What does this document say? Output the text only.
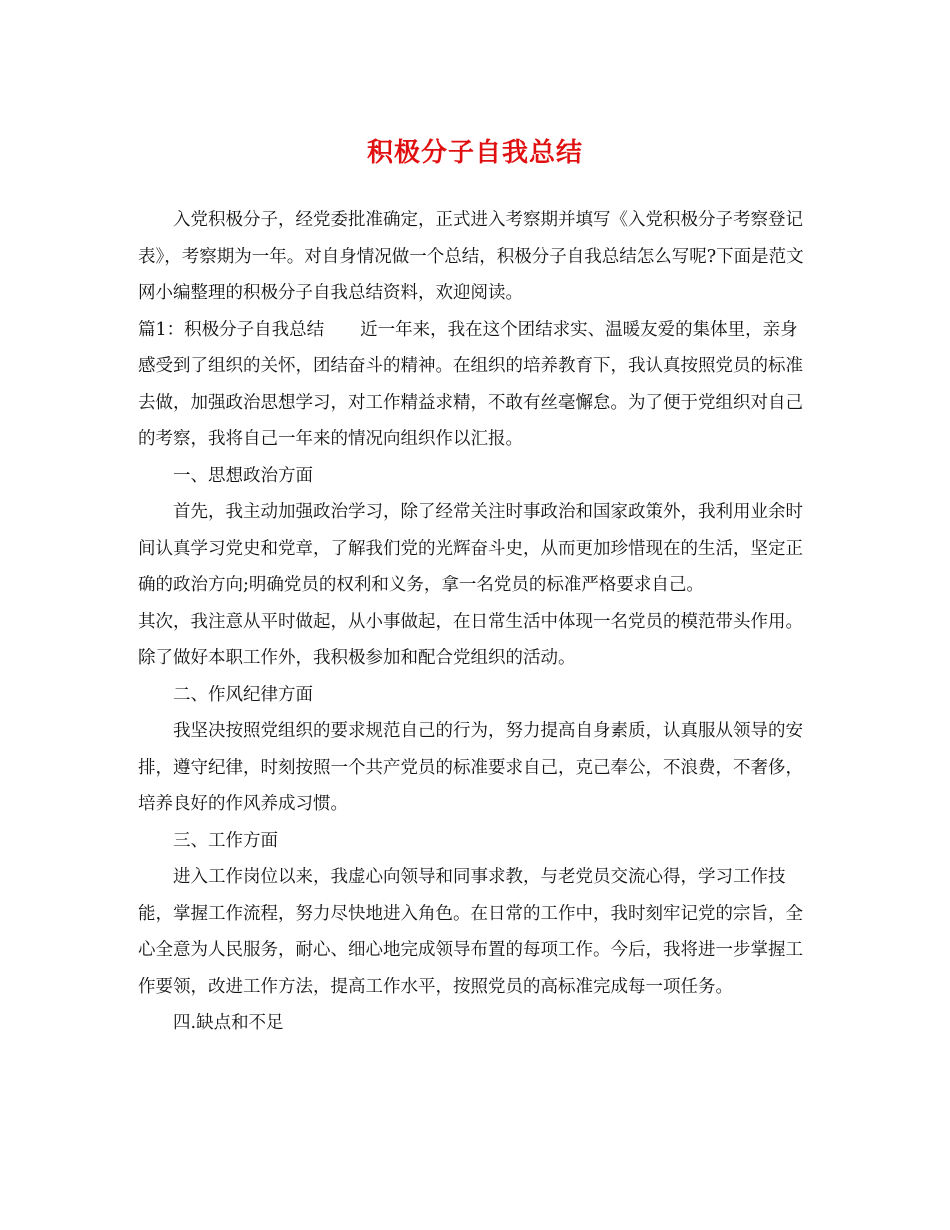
积极分子自我总结

入党积极分子，经党委批准确定，正式进入考察期并填写《入党积极分子考察登记表》，考察期为一年。对自身情况做一个总结，积极分子自我总结怎么写呢?下面是范文网小编整理的积极分子自我总结资料，欢迎阅读。

篇1：积极分子自我总结 近一年来，我在这个团结求实、温暖友爱的集体里，亲身感受到了组织的关怀，团结奋斗的精神。在组织的培养教育下，我认真按照党员的标准去做，加强政治思想学习，对工作精益求精，不敢有丝毫懈怠。为了便于党组织对自己的考察，我将自己一年来的情况向组织作以汇报。

一、思想政治方面

首先，我主动加强政治学习，除了经常关注时事政治和国家政策外，我利用业余时间认真学习党史和党章，了解我们党的光辉奋斗史，从而更加珍惜现在的生活，坚定正确的政治方向;明确党员的权利和义务，拿一名党员的标准严格要求自己。

其次，我注意从平时做起，从小事做起，在日常生活中体现一名党员的模范带头作用。除了做好本职工作外，我积极参加和配合党组织的活动。

二、作风纪律方面

我坚决按照党组织的要求规范自己的行为，努力提高自身素质，认真服从领导的安排，遵守纪律，时刻按照一个共产党员的标准要求自己，克己奉公，不浪费，不奢侈，培养良好的作风养成习惯。

三、工作方面

进入工作岗位以来，我虚心向领导和同事求教，与老党员交流心得，学习工作技能，掌握工作流程，努力尽快地进入角色。在日常的工作中，我时刻牢记党的宗旨，全心全意为人民服务，耐心、细心地完成领导布置的每项工作。今后，我将进一步掌握工作要领，改进工作方法，提高工作水平，按照党员的高标准完成每一项任务。

四.缺点和不足
